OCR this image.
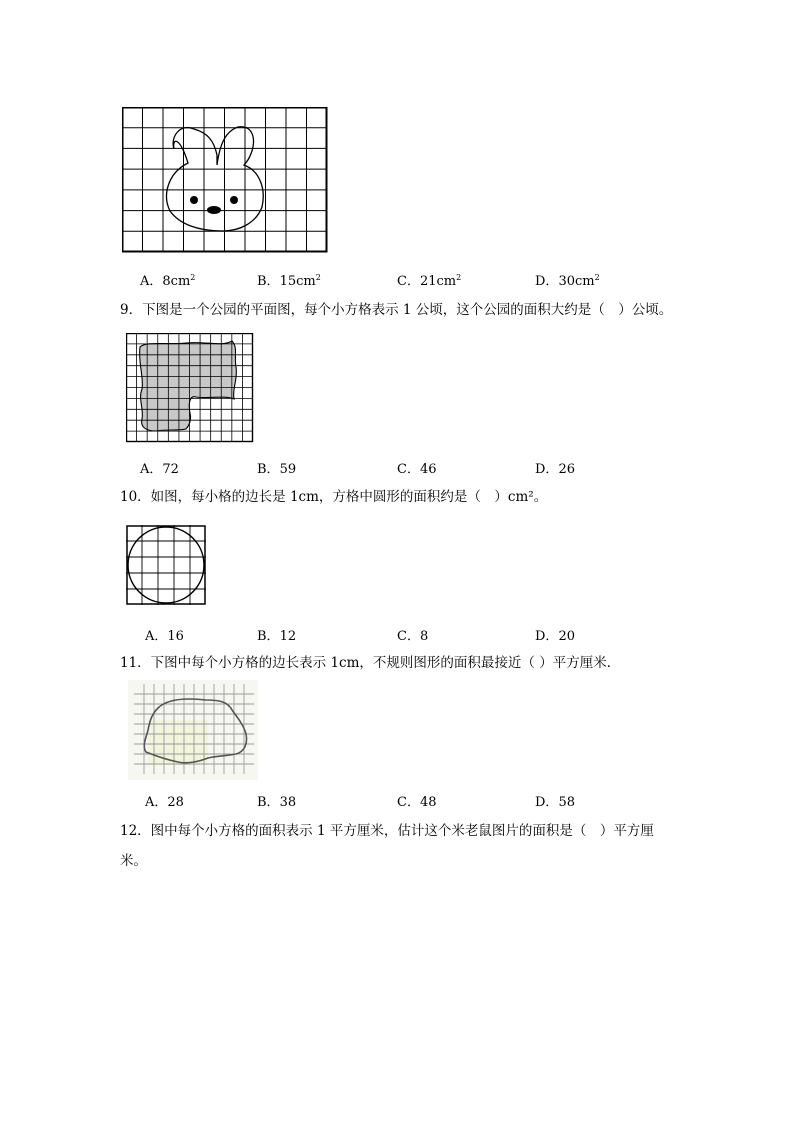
A．$8cm^2$	B．$15cm^2$	C．$21cm^2$	D．$30cm^2$
9．下图是一个公园的平面图，每个小方格表示 1 公顷，这个公园的面积大约是（　）公顷。
A．72	B．59	C．46	D．26
10．如图，每小格的边长是 1cm，方格中圆形的面积约是（　）cm²。
A．16	B．12	C．8	D．20
11．下图中每个小方格的边长表示 1cm，不规则图形的面积最接近（ ）平方厘米．
A．28	B．38	C．48	D．58
12．图中每个小方格的面积表示 1 平方厘米，估计这个米老鼠图片的面积是（　）平方厘米。
